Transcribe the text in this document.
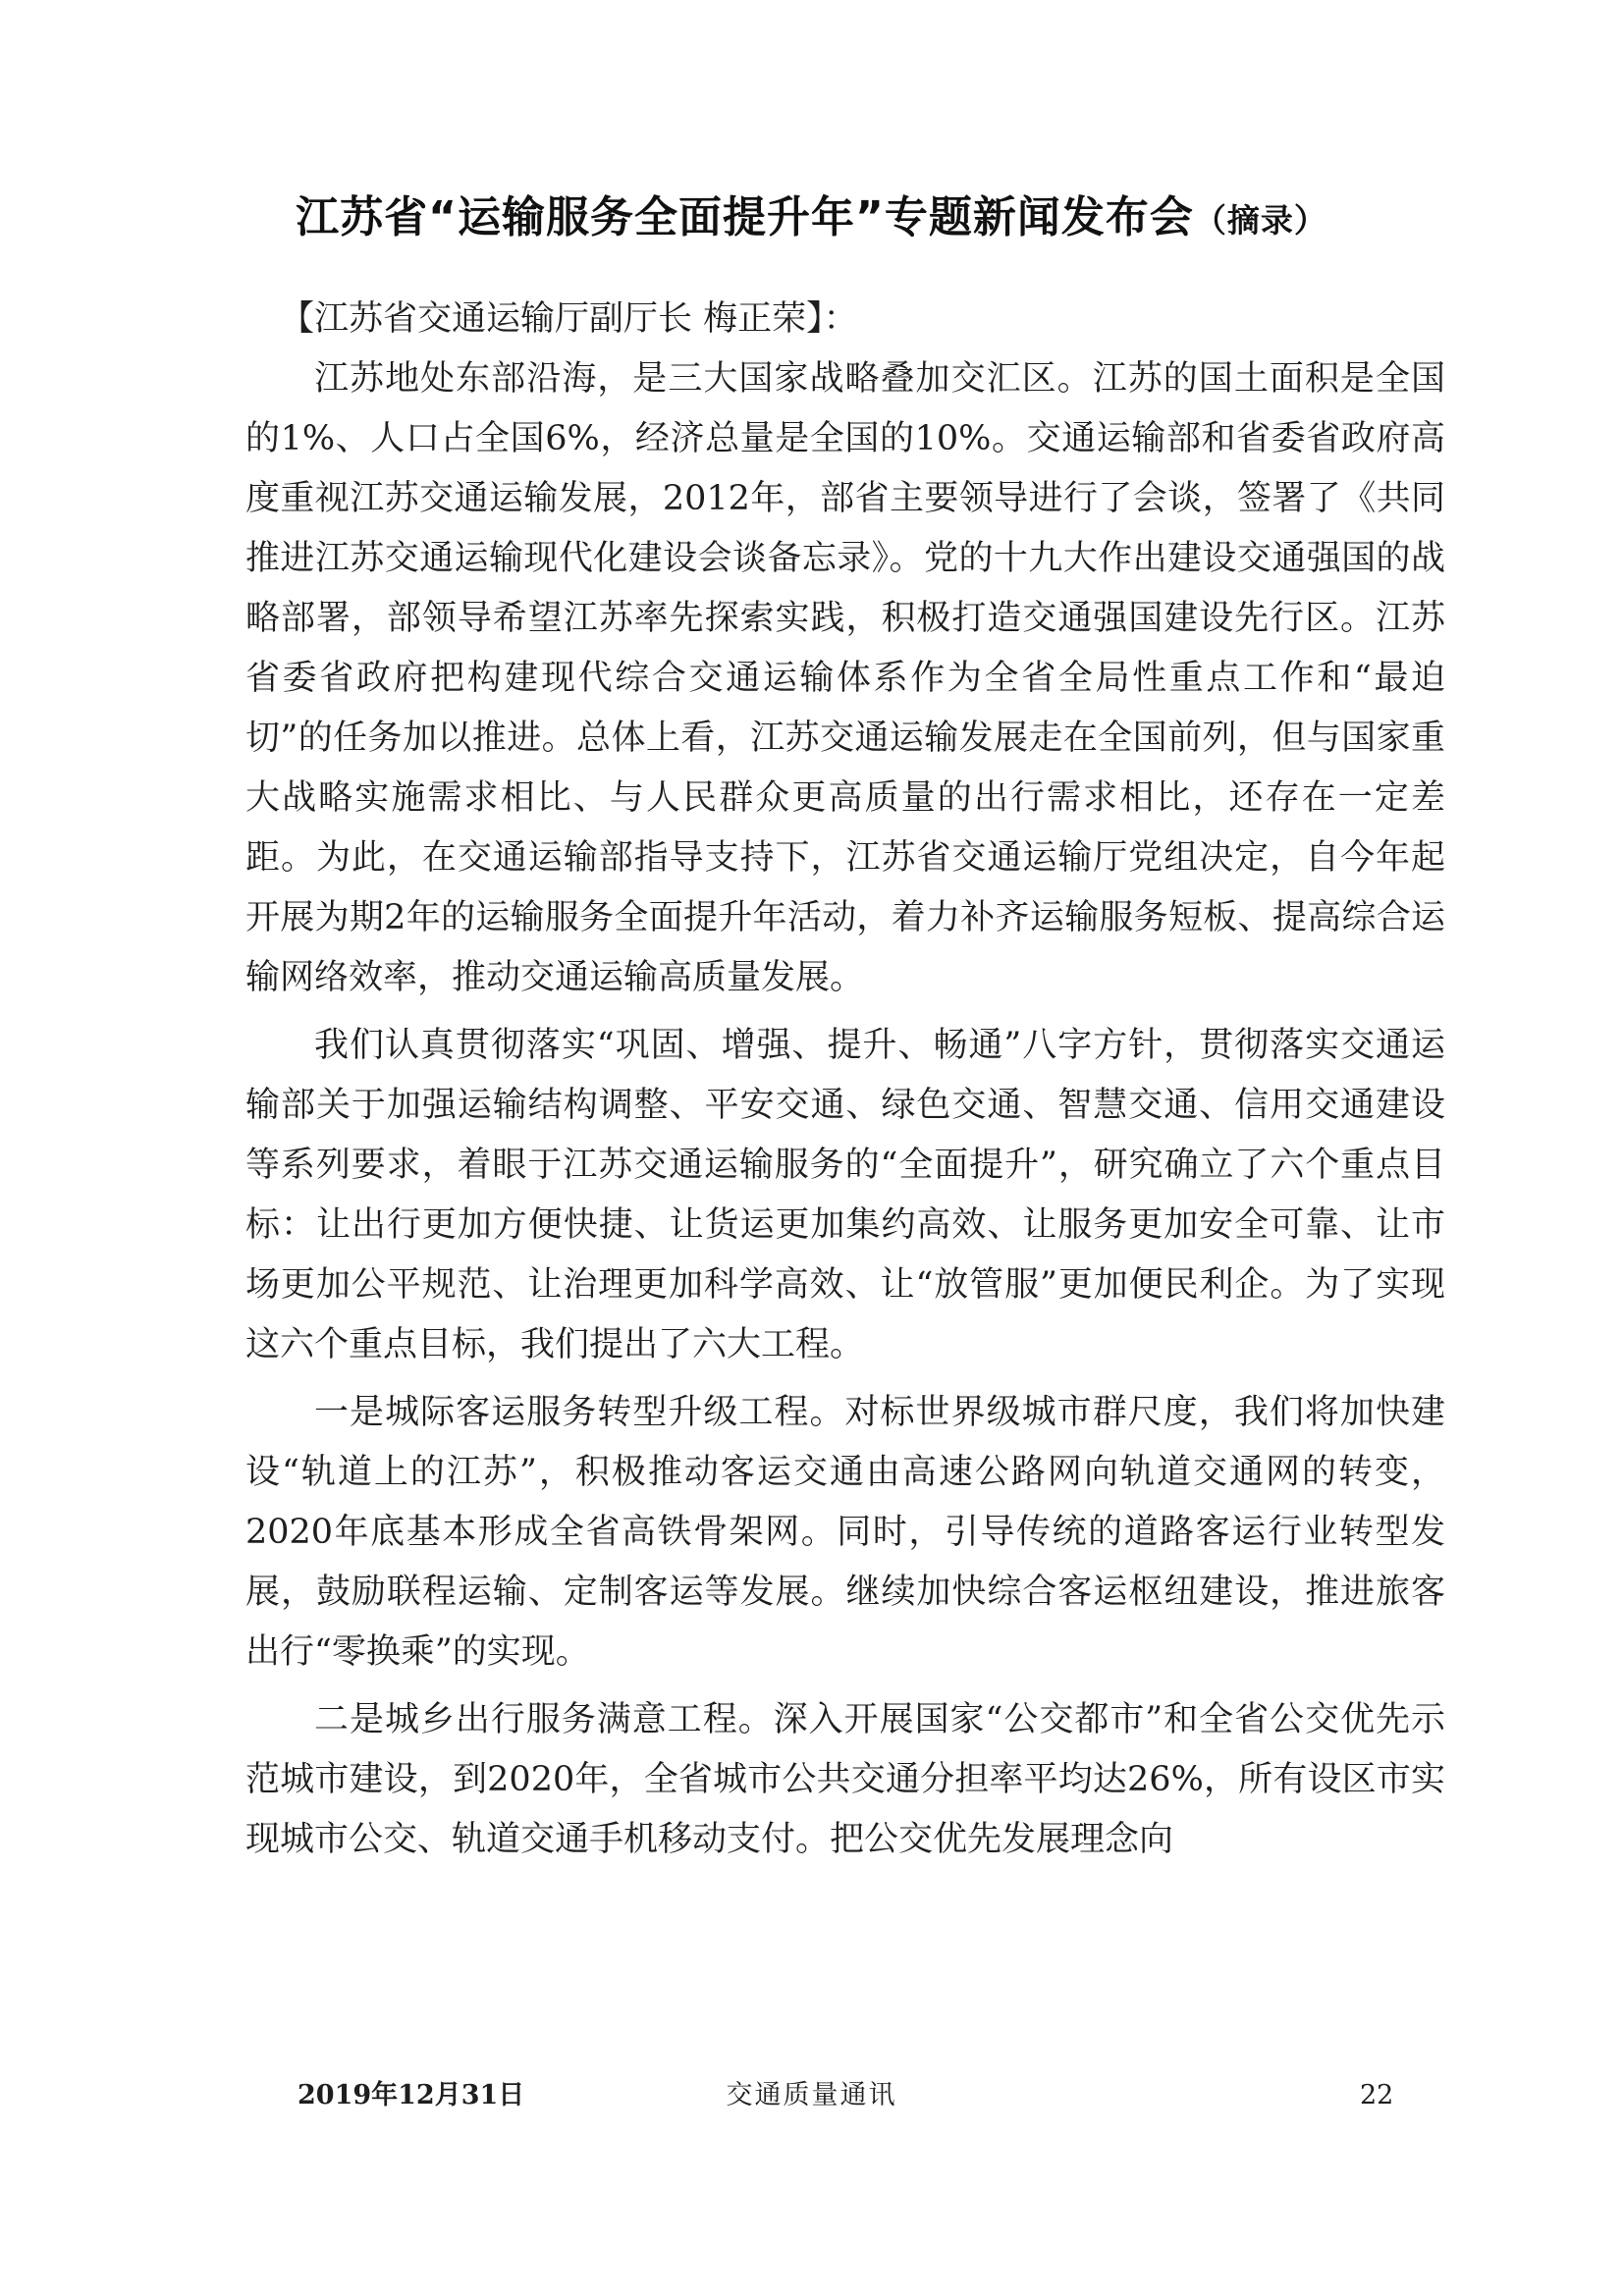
江苏省“运输服务全面提升年”专题新闻发布会（摘录）

【江苏省交通运输厅副厅长 梅正荣】：

江苏地处东部沿海，是三大国家战略叠加交汇区。江苏的国土面积是全国的1%、人口占全国6%，经济总量是全国的10%。交通运输部和省委省政府高度重视江苏交通运输发展，2012年，部省主要领导进行了会谈，签署了《共同推进江苏交通运输现代化建设会谈备忘录》。党的十九大作出建设交通强国的战略部署，部领导希望江苏率先探索实践，积极打造交通强国建设先行区。江苏省委省政府把构建现代综合交通运输体系作为全省全局性重点工作和“最迫切”的任务加以推进。总体上看，江苏交通运输发展走在全国前列，但与国家重大战略实施需求相比、与人民群众更高质量的出行需求相比，还存在一定差距。为此，在交通运输部指导支持下，江苏省交通运输厅党组决定，自今年起开展为期2年的运输服务全面提升年活动，着力补齐运输服务短板、提高综合运输网络效率，推动交通运输高质量发展。

我们认真贯彻落实“巩固、增强、提升、畅通”八字方针，贯彻落实交通运输部关于加强运输结构调整、平安交通、绿色交通、智慧交通、信用交通建设等系列要求，着眼于江苏交通运输服务的“全面提升”，研究确立了六个重点目标：让出行更加方便快捷、让货运更加集约高效、让服务更加安全可靠、让市场更加公平规范、让治理更加科学高效、让“放管服”更加便民利企。为了实现这六个重点目标，我们提出了六大工程。

一是城际客运服务转型升级工程。对标世界级城市群尺度，我们将加快建设“轨道上的江苏”，积极推动客运交通由高速公路网向轨道交通网的转变，2020年底基本形成全省高铁骨架网。同时，引导传统的道路客运行业转型发展，鼓励联程运输、定制客运等发展。继续加快综合客运枢纽建设，推进旅客出行“零换乘”的实现。

二是城乡出行服务满意工程。深入开展国家“公交都市”和全省公交优先示范城市建设，到2020年，全省城市公共交通分担率平均达26%，所有设区市实现城市公交、轨道交通手机移动支付。把公交优先发展理念向

2019年12月31日	交通质量通讯	22
